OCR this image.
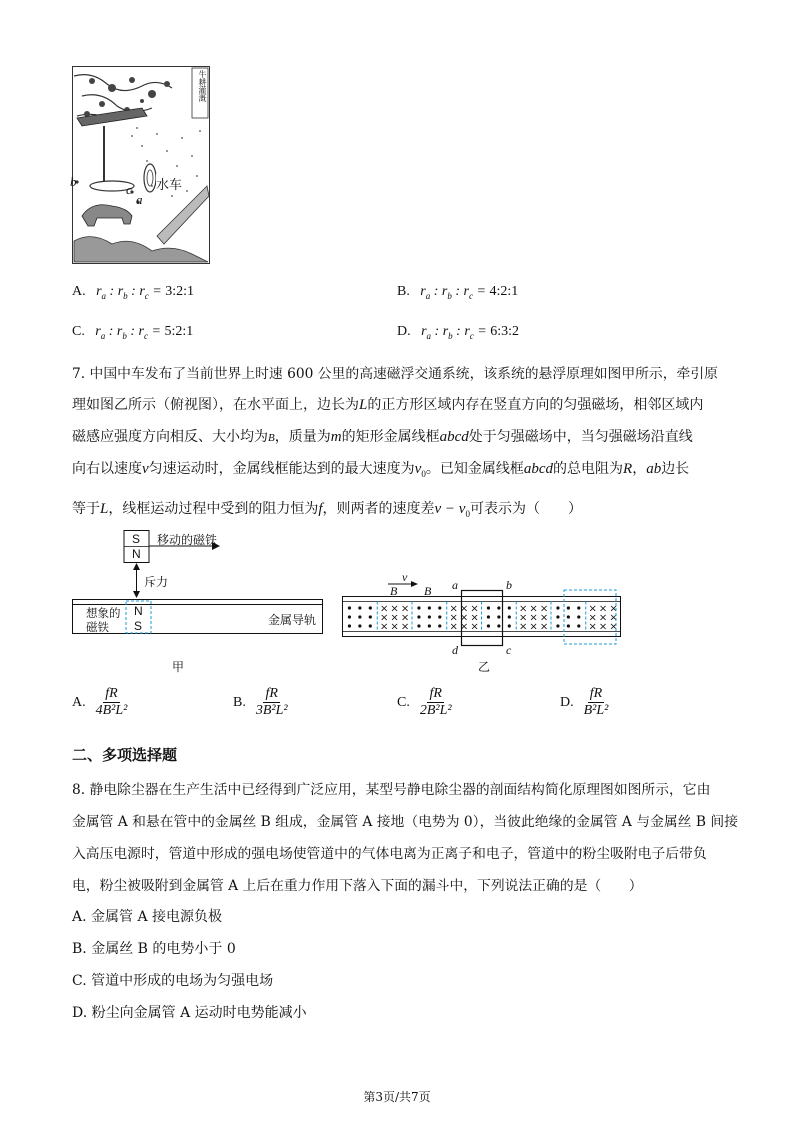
牛耕灌溉
水车
b
c
a
A. $r_a$ : $r_b$ : $r_c$ = 3:2:1	B. $r_a$ : $r_b$ : $r_c$ = 4:2:1
C. $r_a$ : $r_b$ : $r_c$ = 5:2:1	D. $r_a$ : $r_b$ : $r_c$ = 6:3:2
7. 中国中车发布了当前世界上时速 600 公里的高速磁浮交通系统，该系统的悬浮原理如图甲所示，牵引原
理如图乙所示（俯视图），在水平面上，边长为L的正方形区域内存在竖直方向的匀强磁场，相邻区域内
磁感应强度方向相反、大小均为B，质量为m的矩形金属线框abcd处于匀强磁场中，当匀强磁场沿直线
向右以速度v匀速运动时，金属线框能达到的最大速度为$v_0$。已知金属线框abcd的总电阻为R，ab边长
等于L，线框运动过程中受到的阻力恒为f，则两者的速度差$v - v_0$可表示为（　　）
S
N
移动的磁铁
斥力
想象的
磁铁
N
S	金属导轨
甲
× × ×
× × ×
× × ×
× × ×
× × ×
× × ×
× × ×
× × ×
× × ×
× × ×
× × ×
× × ×
v
B B a	b
d	c
乙
A. $\frac{fR}{\text{4B²L²}}$	B. $\frac{fR}{\text{3B²L²}}$	C. $\frac{fR}{\text{2B²L²}}$	D. $\frac{fR}{\text{B²L²}}$
二、多项选择题
8. 静电除尘器在生产生活中已经得到广泛应用，某型号静电除尘器的剖面结构简化原理图如图所示，它由
金属管 A 和悬在管中的金属丝 B 组成，金属管 A 接地（电势为 0），当彼此绝缘的金属管 A 与金属丝 B 间接
入高压电源时，管道中形成的强电场使管道中的气体电离为正离子和电子，管道中的粉尘吸附电子后带负
电，粉尘被吸附到金属管 A 上后在重力作用下落入下面的漏斗中，下列说法正确的是（　　）
A. 金属管 A 接电源负极
B. 金属丝 B 的电势小于 0
C. 管道中形成的电场为匀强电场
D. 粉尘向金属管 A 运动时电势能减小
第3页/共7页
